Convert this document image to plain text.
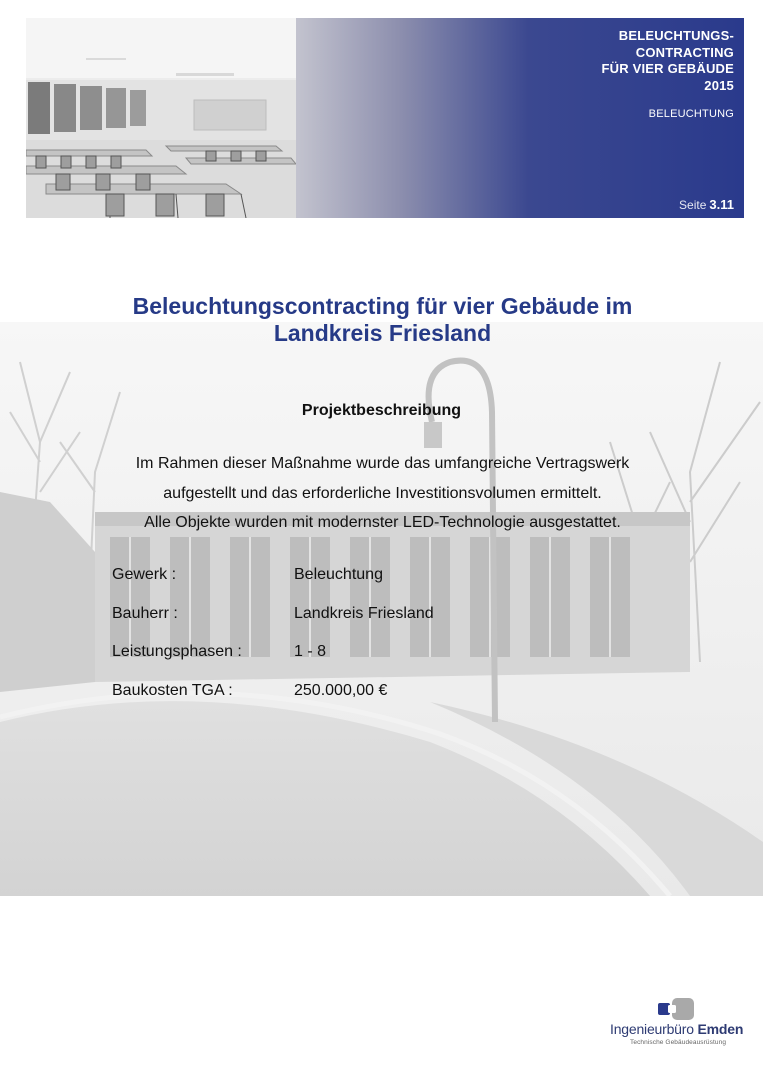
BELEUCHTUNGS-
CONTRACTING
FÜR VIER GEBÄUDE
2015
BELEUCHTUNG
Seite 3.11
Beleuchtungscontracting für vier Gebäude im
Landkreis Friesland
Projektbeschreibung
Im Rahmen dieser Maßnahme wurde das umfangreiche Vertragswerk
aufgestellt und das erforderliche Investitionsvolumen ermittelt.
Alle Objekte wurden mit modernster LED-Technologie ausgestattet.
Gewerk :	Beleuchtung
Bauherr :	Landkreis Friesland
Leistungsphasen :	1 - 8
Baukosten TGA :	250.000,00 €
Ingenieurbüro Emden
Technische Gebäudeausrüstung
